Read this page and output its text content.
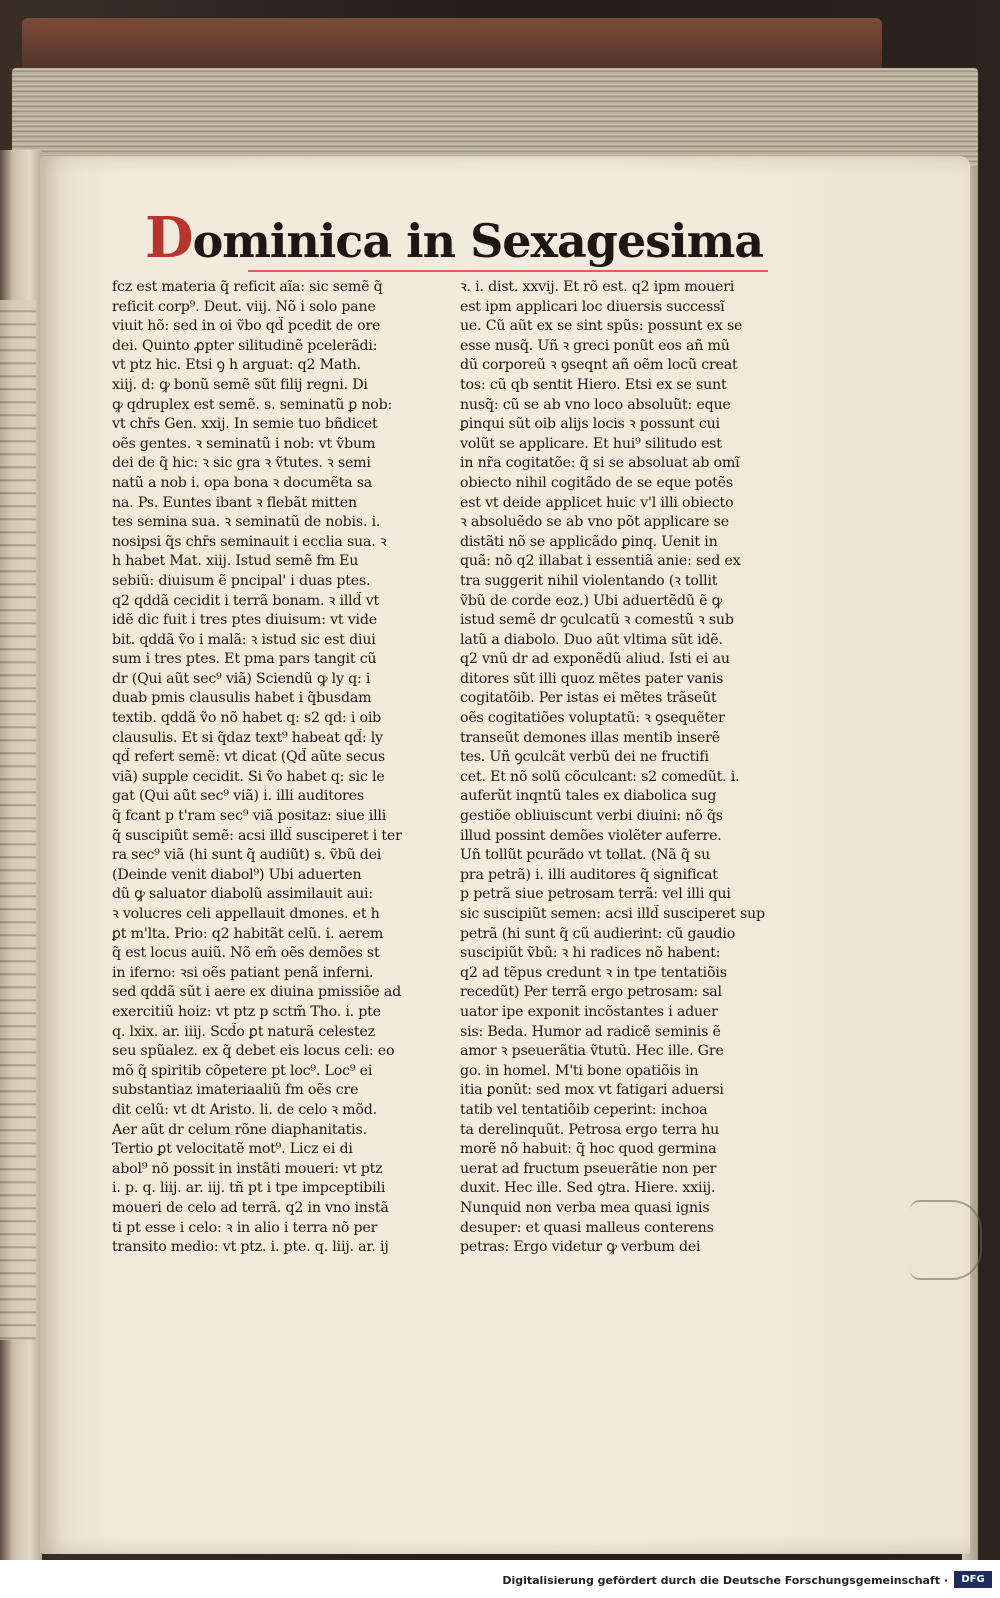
D ominica in Sexagesima
fcz est materia q̃ reficit aĩa: sic semẽ q̃
reficit corp⁹. Deut. viij. Nõ i solo pane
viuit hõ: sed in oi ṽbo qd̃ pcedit de ore
dei. Quinto ꝓpter silitudinẽ pcelerãdi:
vt ptz hic. Etsi ꝯ h arguat: q2 Math.
xiij. d: ꝙ bonũ semẽ sũt filij regni. Di
ꝙ qdruplex est semẽ. s. seminatũ ꝑ nob:
vt chr̄s Gen. xxij. In semie tuo bñdicet
oẽs gentes. ꝛ seminatũ i nob: vt ṽbum
dei de q̃ hic: ꝛ sic gra ꝛ ṽtutes. ꝛ semi
natũ a nob i. opa bona ꝛ documẽta sa
na. Ps. Euntes ibant ꝛ flebãt mitten
tes semina sua. ꝛ seminatũ de nobis. i.
nosipsi q̃s chr̄s seminauit i ecclia sua. ꝛ
h habet Mat. xiij. Istud semẽ fm Eu
sebiũ: diuisum ẽ pncipal' i duas ptes.
q2 qddã cecidit i terrã bonam. ꝛ illd̃ vt
idẽ dic fuit i tres ptes diuisum: vt vide
bit. qddã ṽo i malã: ꝛ istud sic est diui
sum i tres ptes. Et pma pars tangit cũ
dr (Qui aũt sec⁹ viã) Sciendũ ꝙ ly q: i
duab pmis clausulis habet i q̃busdam
textib. qddã ṽo nõ habet q: s2 qd: i oib
clausulis. Et si q̃daz text⁹ habeat qd̃: ly
qd̃ refert semẽ: vt dicat (Qd̃ aũte secus
viã) supple cecidit. Si ṽo habet q: sic le
gat (Qui aũt sec⁹ viã) i. illi auditores
q̃ fcant p t'ram sec⁹ viã positaz: siue illi
q̃ suscipiũt semẽ: acsi illd̃ susciperet i ter
ra sec⁹ viã (hi sunt q̃ audiũt) s. ṽbũ dei
(Deinde venit diabol⁹) Ubi aduerten
dũ ꝙ saluator diabolũ assimilauit aui:
ꝛ volucres celi appellauit dmones. et h
ꝑt m'lta. Prio: q2 habitãt celũ. i. aerem
q̃ est locus auiũ. Nõ em̃ oẽs demões st
in iferno: ꝛsi oẽs patiant penã inferni.
sed qddã sũt i aere ex diuina pmissiõe ad
exercitiũ hoiz: vt ptz p sctm̃ Tho. i. pte
q. lxix. ar. iiij. Scd̃o ꝑt naturã celestez
seu spũalez. ex q̃ debet eis locus celi: eo
mõ q̃ spiritib cõpetere pt loc⁹. Loc⁹ ei
substantiaz imateriaaliũ fm oẽs cre
dit celũ: vt dt Aristo. li. de celo ꝛ mõd.
Aer aũt dr celum rõne diaphanitatis.
Tertio ꝑt velocitatẽ mot⁹. Licz ei di
abol⁹ nõ possit in instãti moueri: vt ptz
i. p. q. liij. ar. iij. tñ pt i tpe impceptibili
moueri de celo ad terrã. q2 in vno instã
ti pt esse i celo: ꝛ in alio i terra nõ per
transito medio: vt ptz. i. pte. q. liij. ar. ij
ꝛ. i. dist. xxvij. Et rõ est. q2 ipm moueri
est ipm applicari loc diuersis successĩ
ue. Cũ aũt ex se sint spũs: possunt ex se
esse nusq̃. Uñ ꝛ greci ponũt eos añ mũ
dũ corporeũ ꝛ ꝯseqnt añ oẽm locũ creat
tos: cũ qb sentit Hiero. Etsi ex se sunt
nusq̃: cũ se ab vno loco absoluũt: eque
ꝑinqui sũt oib alijs locis ꝛ possunt cui
volũt se applicare. Et hui⁹ silitudo est
in nr̃a cogitatõe: q̃ si se absoluat ab omĩ
obiecto nihil cogitãdo de se eque potẽs
est vt deide applicet huic v'l illi obiecto
ꝛ absoluẽdo se ab vno põt applicare se
distãti nõ se applicãdo ꝑinq. Uenit in
quã: nõ q2 illabat i essentiã anie: sed ex
tra suggerit nihil violentando (ꝛ tollit
ṽbũ de corde eoz.) Ubi aduertẽdũ ẽ ꝙ
istud semẽ dr ꝯculcatũ ꝛ comestũ ꝛ sub
latũ a diabolo. Duo aũt vltima sũt idẽ.
q2 vnũ dr ad exponẽdũ aliud. Isti ei au
ditores sũt illi quoz mẽtes pater vanis
cogitatõib. Per istas ei mẽtes trãseũt
oẽs cogitatiões voluptatũ: ꝛ ꝯsequẽter
transeũt demones illas mentib inserẽ
tes. Uñ ꝯculcãt verbũ dei ne fructifi
cet. Et nõ solũ cõculcant: s2 comedũt. i.
auferũt inqntũ tales ex diabolica sug
gestiõe obliuiscunt verbi diuini: nõ q̃s
illud possint demões violẽter auferre.
Uñ tollũt pcurãdo vt tollat. (Nã q̃ su
pra petrã) i. illi auditores q̃ significat
p petrã siue petrosam terrã: vel illi qui
sic suscipiũt semen: acsi illd̃ susciperet sup
petrã (hi sunt q̃ cũ audierint: cũ gaudio
suscipiũt ṽbũ: ꝛ hi radices nõ habent:
q2 ad tẽpus credunt ꝛ in tpe tentatiõis
recedũt) Per terrã ergo petrosam: sal
uator ipe exponit incõstantes i aduer
sis: Beda. Humor ad radicẽ seminis ẽ
amor ꝛ pseuerãtia ṽtutũ. Hec ille. Gre
go. in homel. M'ti bone opatiõis in
itia ꝑonũt: sed mox vt fatigari aduersi
tatib vel tentatiõib ceperint: inchoa
ta derelinquũt. Petrosa ergo terra hu
morẽ nõ habuit: q̃ hoc quod germina
uerat ad fructum pseuerãtie non per
duxit. Hec ille. Sed ꝯtra. Hiere. xxiij.
Nunquid non verba mea quasi ignis
desuper: et quasi malleus conterens
petras: Ergo videtur ꝙ verbum dei
Digitalisierung gefördert durch die Deutsche Forschungsgemeinschaft ·	DFG
